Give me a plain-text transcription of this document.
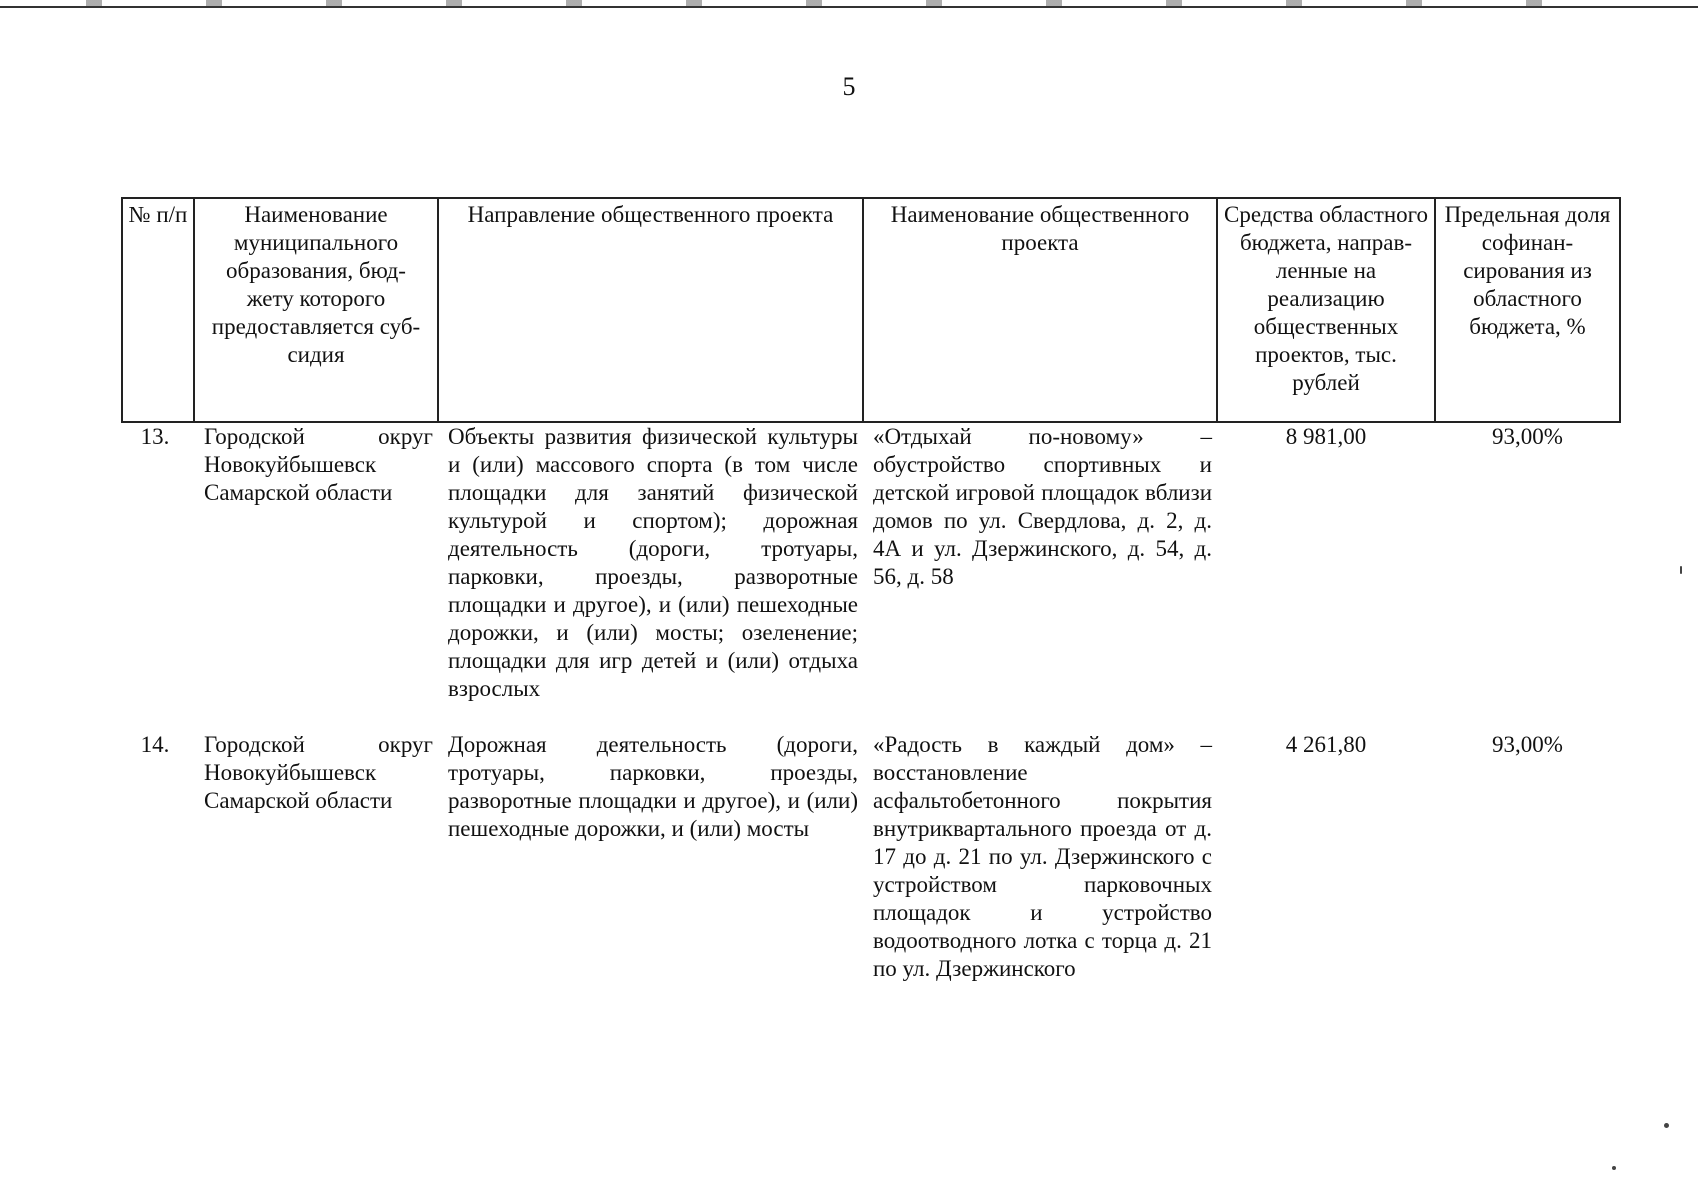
5
№ п/п	Наименование муниципального образования, бюд- жету которого предоставляется суб- сидия	Направление общественного проекта	Наименование общественного проекта	Средства областного бюджета, направ- ленные на реализацию общественных проектов, тыс. рублей	Предельная доля софинан- сирования из областного бюджета, %
13.	Городской округ Новокуйбышевск Самарской области	Объекты развития физической культуры и (или) массового спорта (в том числе площадки для занятий физической культурой и спортом); дорожная деятельность (дороги, тротуары, парковки, проезды, разворотные площадки и другое), и (или) пешеходные дорожки, и (или) мосты; озеленение; площадки для игр детей и (или) отдыха взрослых	«Отдыхай по-новому» – обустройство спортивных и детской игровой площадок вблизи домов по ул. Свердлова, д. 2, д. 4А и ул. Дзержинского, д. 54, д. 56, д. 58	8 981,00	93,00%
14.	Городской округ Новокуйбышевск Самарской области	Дорожная деятельность (дороги, тротуары, парковки, проезды, разворотные площадки и другое), и (или) пешеходные дорожки, и (или) мосты	«Радость в каждый дом» – восстановление асфальтобетонного покрытия внутриквартального проезда от д. 17 до д. 21 по ул. Дзержинского с устройством парковочных площадок и устройство водоотводного лотка с торца д. 21 по ул. Дзержинского	4 261,80	93,00%
